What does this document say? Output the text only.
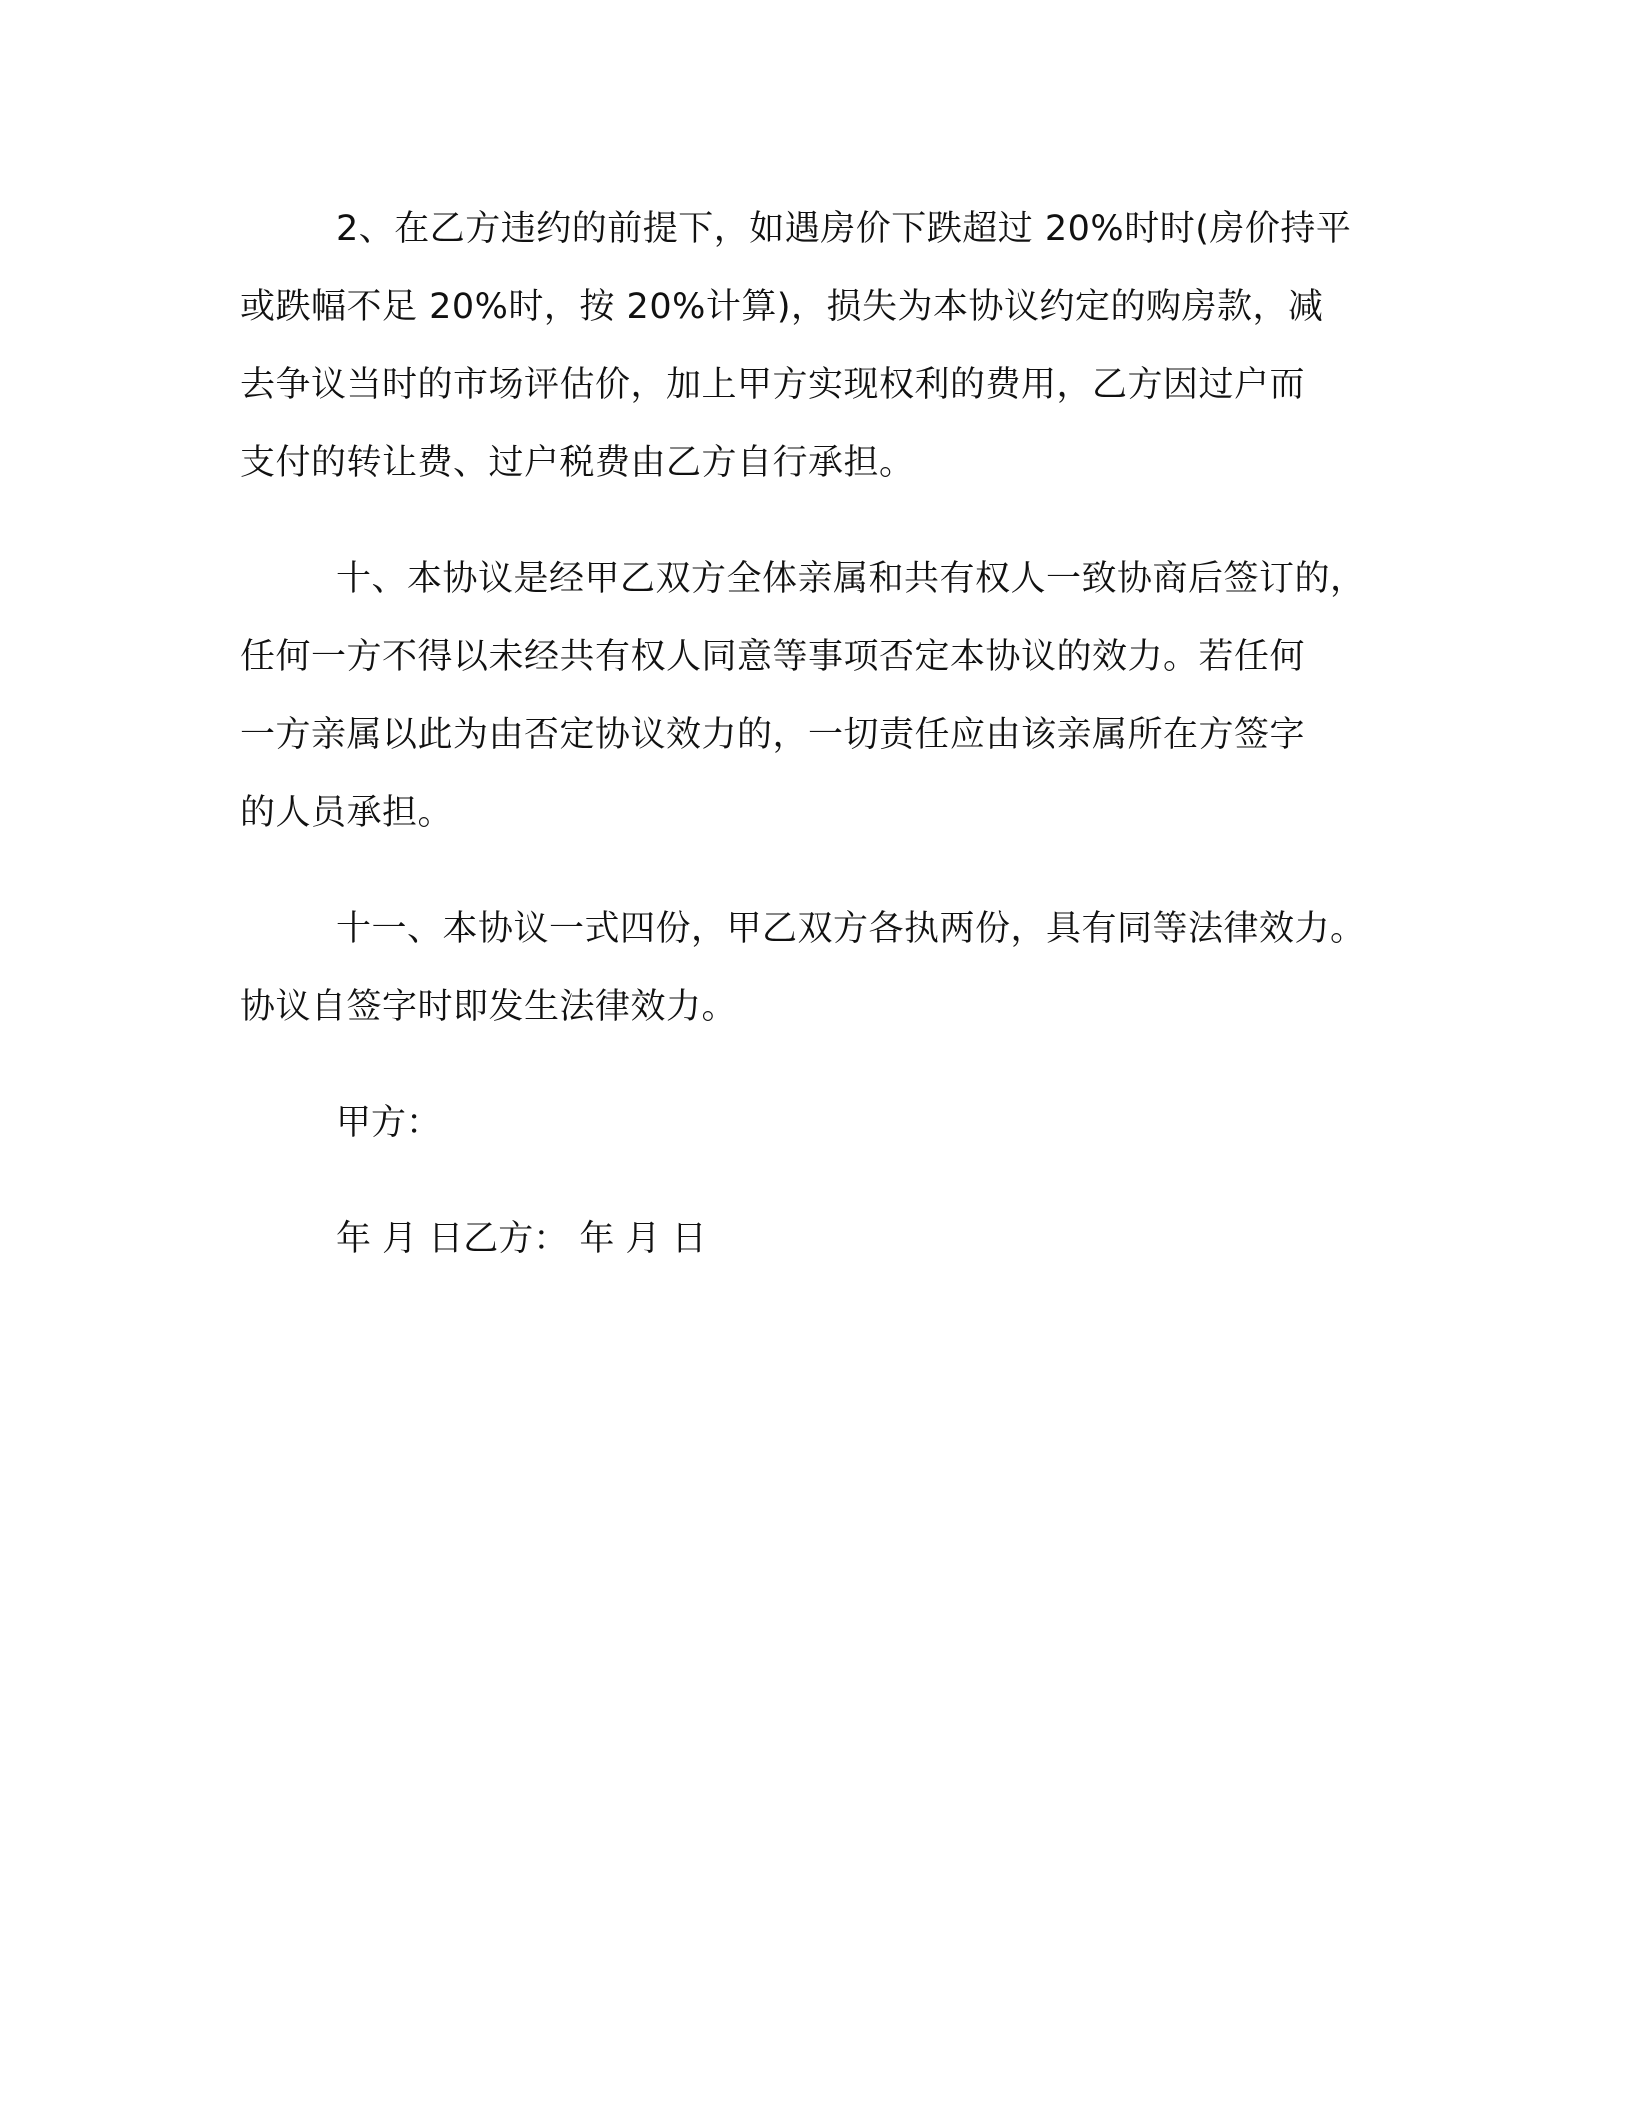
2、在乙方违约的前提下，如遇房价下跌超过 20%时时(房价持平
或跌幅不足 20%时，按 20%计算)，损失为本协议约定的购房款，减
去争议当时的市场评估价，加上甲方实现权利的费用，乙方因过户而
支付的转让费、过户税费由乙方自行承担。
十、本协议是经甲乙双方全体亲属和共有权人一致协商后签订的，
任何一方不得以未经共有权人同意等事项否定本协议的效力。若任何
一方亲属以此为由否定协议效力的，一切责任应由该亲属所在方签字
的人员承担。
十一、本协议一式四份，甲乙双方各执两份，具有同等法律效力。
协议自签字时即发生法律效力。

甲方：

年 月 日乙方： 年 月 日
